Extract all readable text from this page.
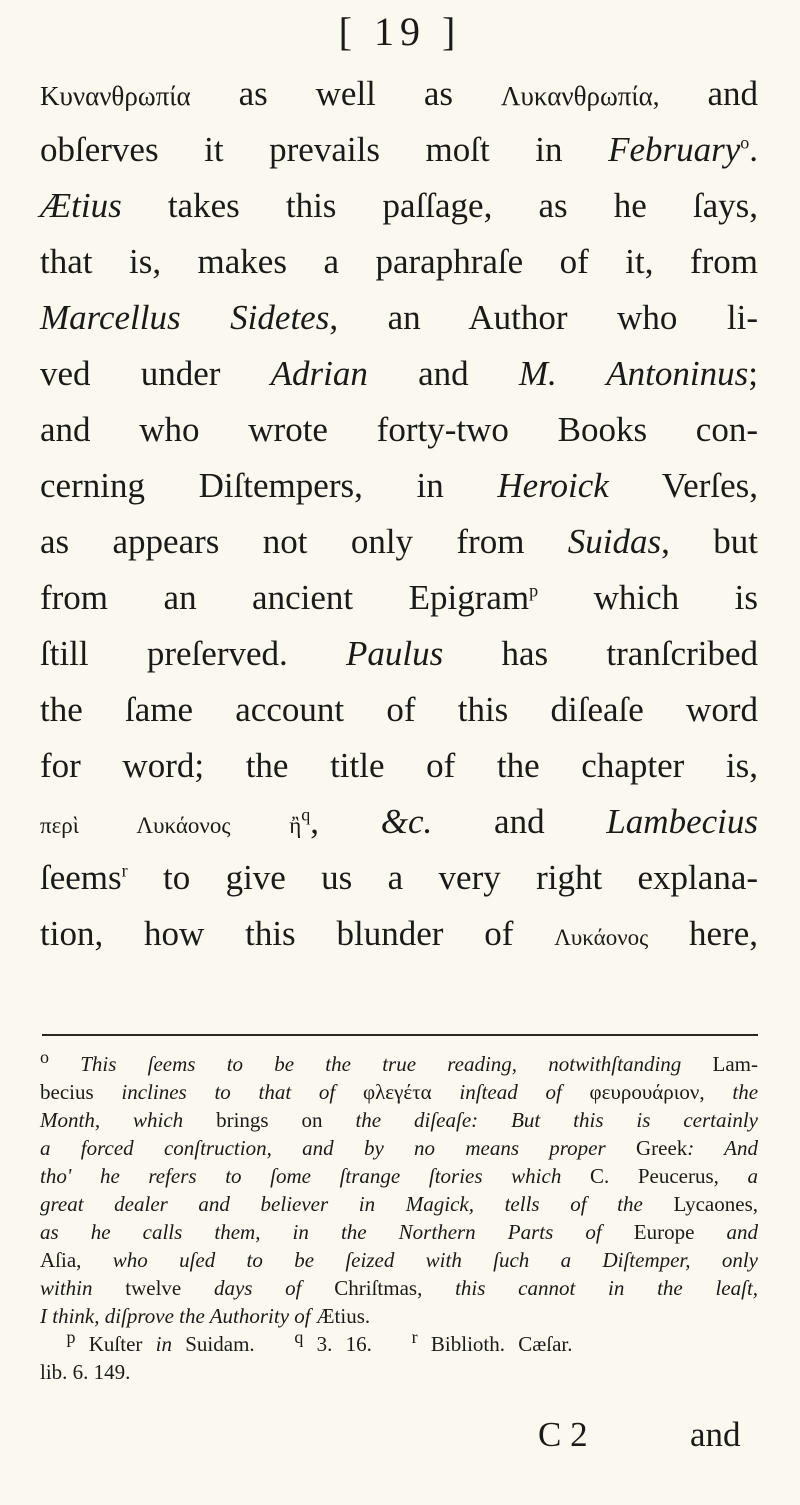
[ 19 ]
Κυνανθρωπία as well as Λυκανθρωπία, and
obſerves it prevails moſt in February$^o$.
Ætius takes this paſſage, as he ſays,
that is, makes a paraphraſe of it, from
Marcellus Sidetes, an Author who li-
ved under Adrian and M. Antoninus;
and who wrote forty-two Books con-
cerning Diſtempers, in Heroick Verſes,
as appears not only from Suidas, but
from an ancient Epigram$^p$ which is
ſtill preſerved. Paulus has tranſcribed
the ſame account of this diſeaſe word
for word; the title of the chapter is,
περὶ Λυκάονος ἢ$^q$, &c. and Lambecius
ſeems$^r$ to give us a very right explana-
tion, how this blunder of Λυκάονος here,
$^o$ This ſeems to be the true reading, notwithſtanding Lam-
becius inclines to that of φλεγέτα inſtead of φευρουάριον, the
Month, which brings on the diſeaſe: But this is certainly
a forced conſtruction, and by no means proper Greek: And
tho' he refers to ſome ſtrange ſtories which C. Peucerus, a
great dealer and believer in Magick, tells of the Lycaones,
as he calls them, in the Northern Parts of Europe and
Aſia, who uſed to be ſeized with ſuch a Diſtemper, only
within twelve days of Chriſtmas, this cannot in the leaſt,
I think, diſprove the Authority of Ætius.
$^p$ Kuſter in Suidam. $^q$ 3. 16. $^r$ Biblioth. Cæſar.
lib. 6. 149.
C 2	and
